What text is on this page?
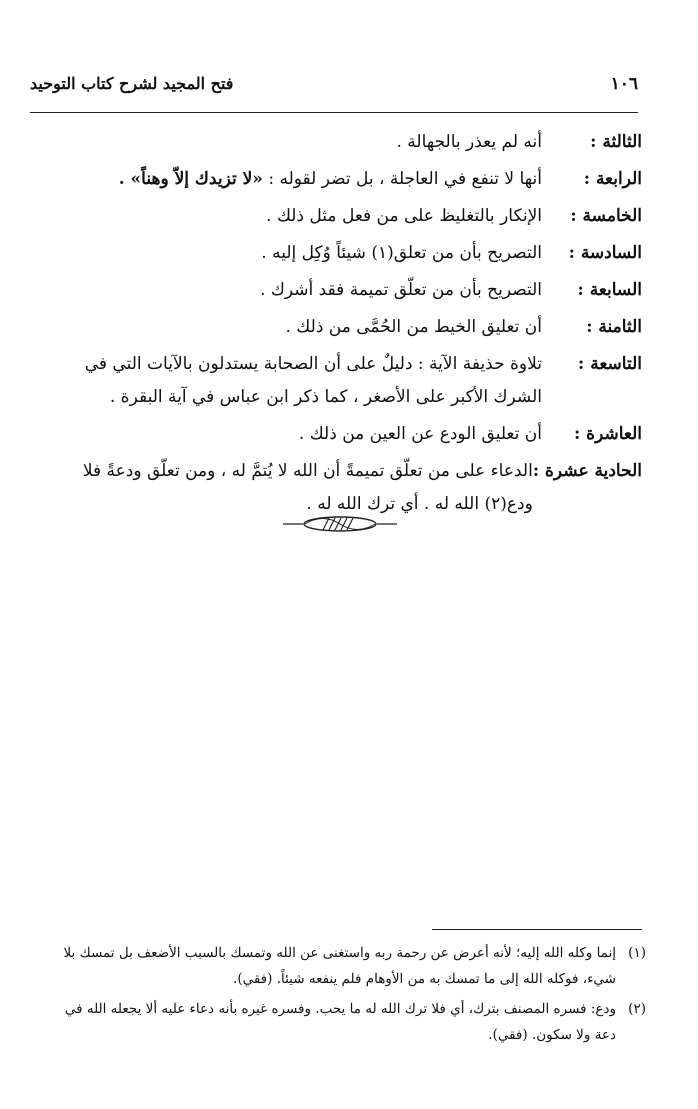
١٠٦
فتح المجيد لشرح كتاب التوحيد
الثالثة :
أنه لم يعذر بالجهالة .
الرابعة :
أنها لا تنفع في العاجلة ، بل تضر لقوله : «لا تزيدك إلاّ وهناً» .
الخامسة :
الإنكار بالتغليظ على من فعل مثل ذلك .
السادسة :
التصريح بأن من تعلق(١) شيئاً وُكِل إليه .
السابعة :
التصريح بأن من تعلّق تميمة فقد أشرك .
الثامنة :
أن تعليق الخيط من الحُمَّى من ذلك .
التاسعة :
تلاوة حذيفة الآية : دليلٌ على أن الصحابة يستدلون بالآيات التي في الشرك الأكبر على الأصغر ، كما ذكر ابن عباس في آية البقرة .
العاشرة :
أن تعليق الودع عن العين من ذلك .
الحادية عشرة :
الدعاء على من تعلّق تميمةً أن الله لا يُتمَّ له ، ومن تعلّق ودعةً فلا ودع(٢) الله له . أي ترك الله له .
(١)
إنما وكله الله إليه؛ لأنه أعرض عن رحمة ربه واستغنى عن الله وتمسك بالسبب الأضعف بل تمسك بلا شيء، فوكله الله إلى ما تمسك به من الأوهام فلم ينفعه شيئاً. (فقي).
(٢)
ودع: فسره المصنف بترك، أي فلا ترك الله له ما يحب. وفسره غيره بأنه دعاء عليه ألا يجعله الله في دعة ولا سكون. (فقي).
